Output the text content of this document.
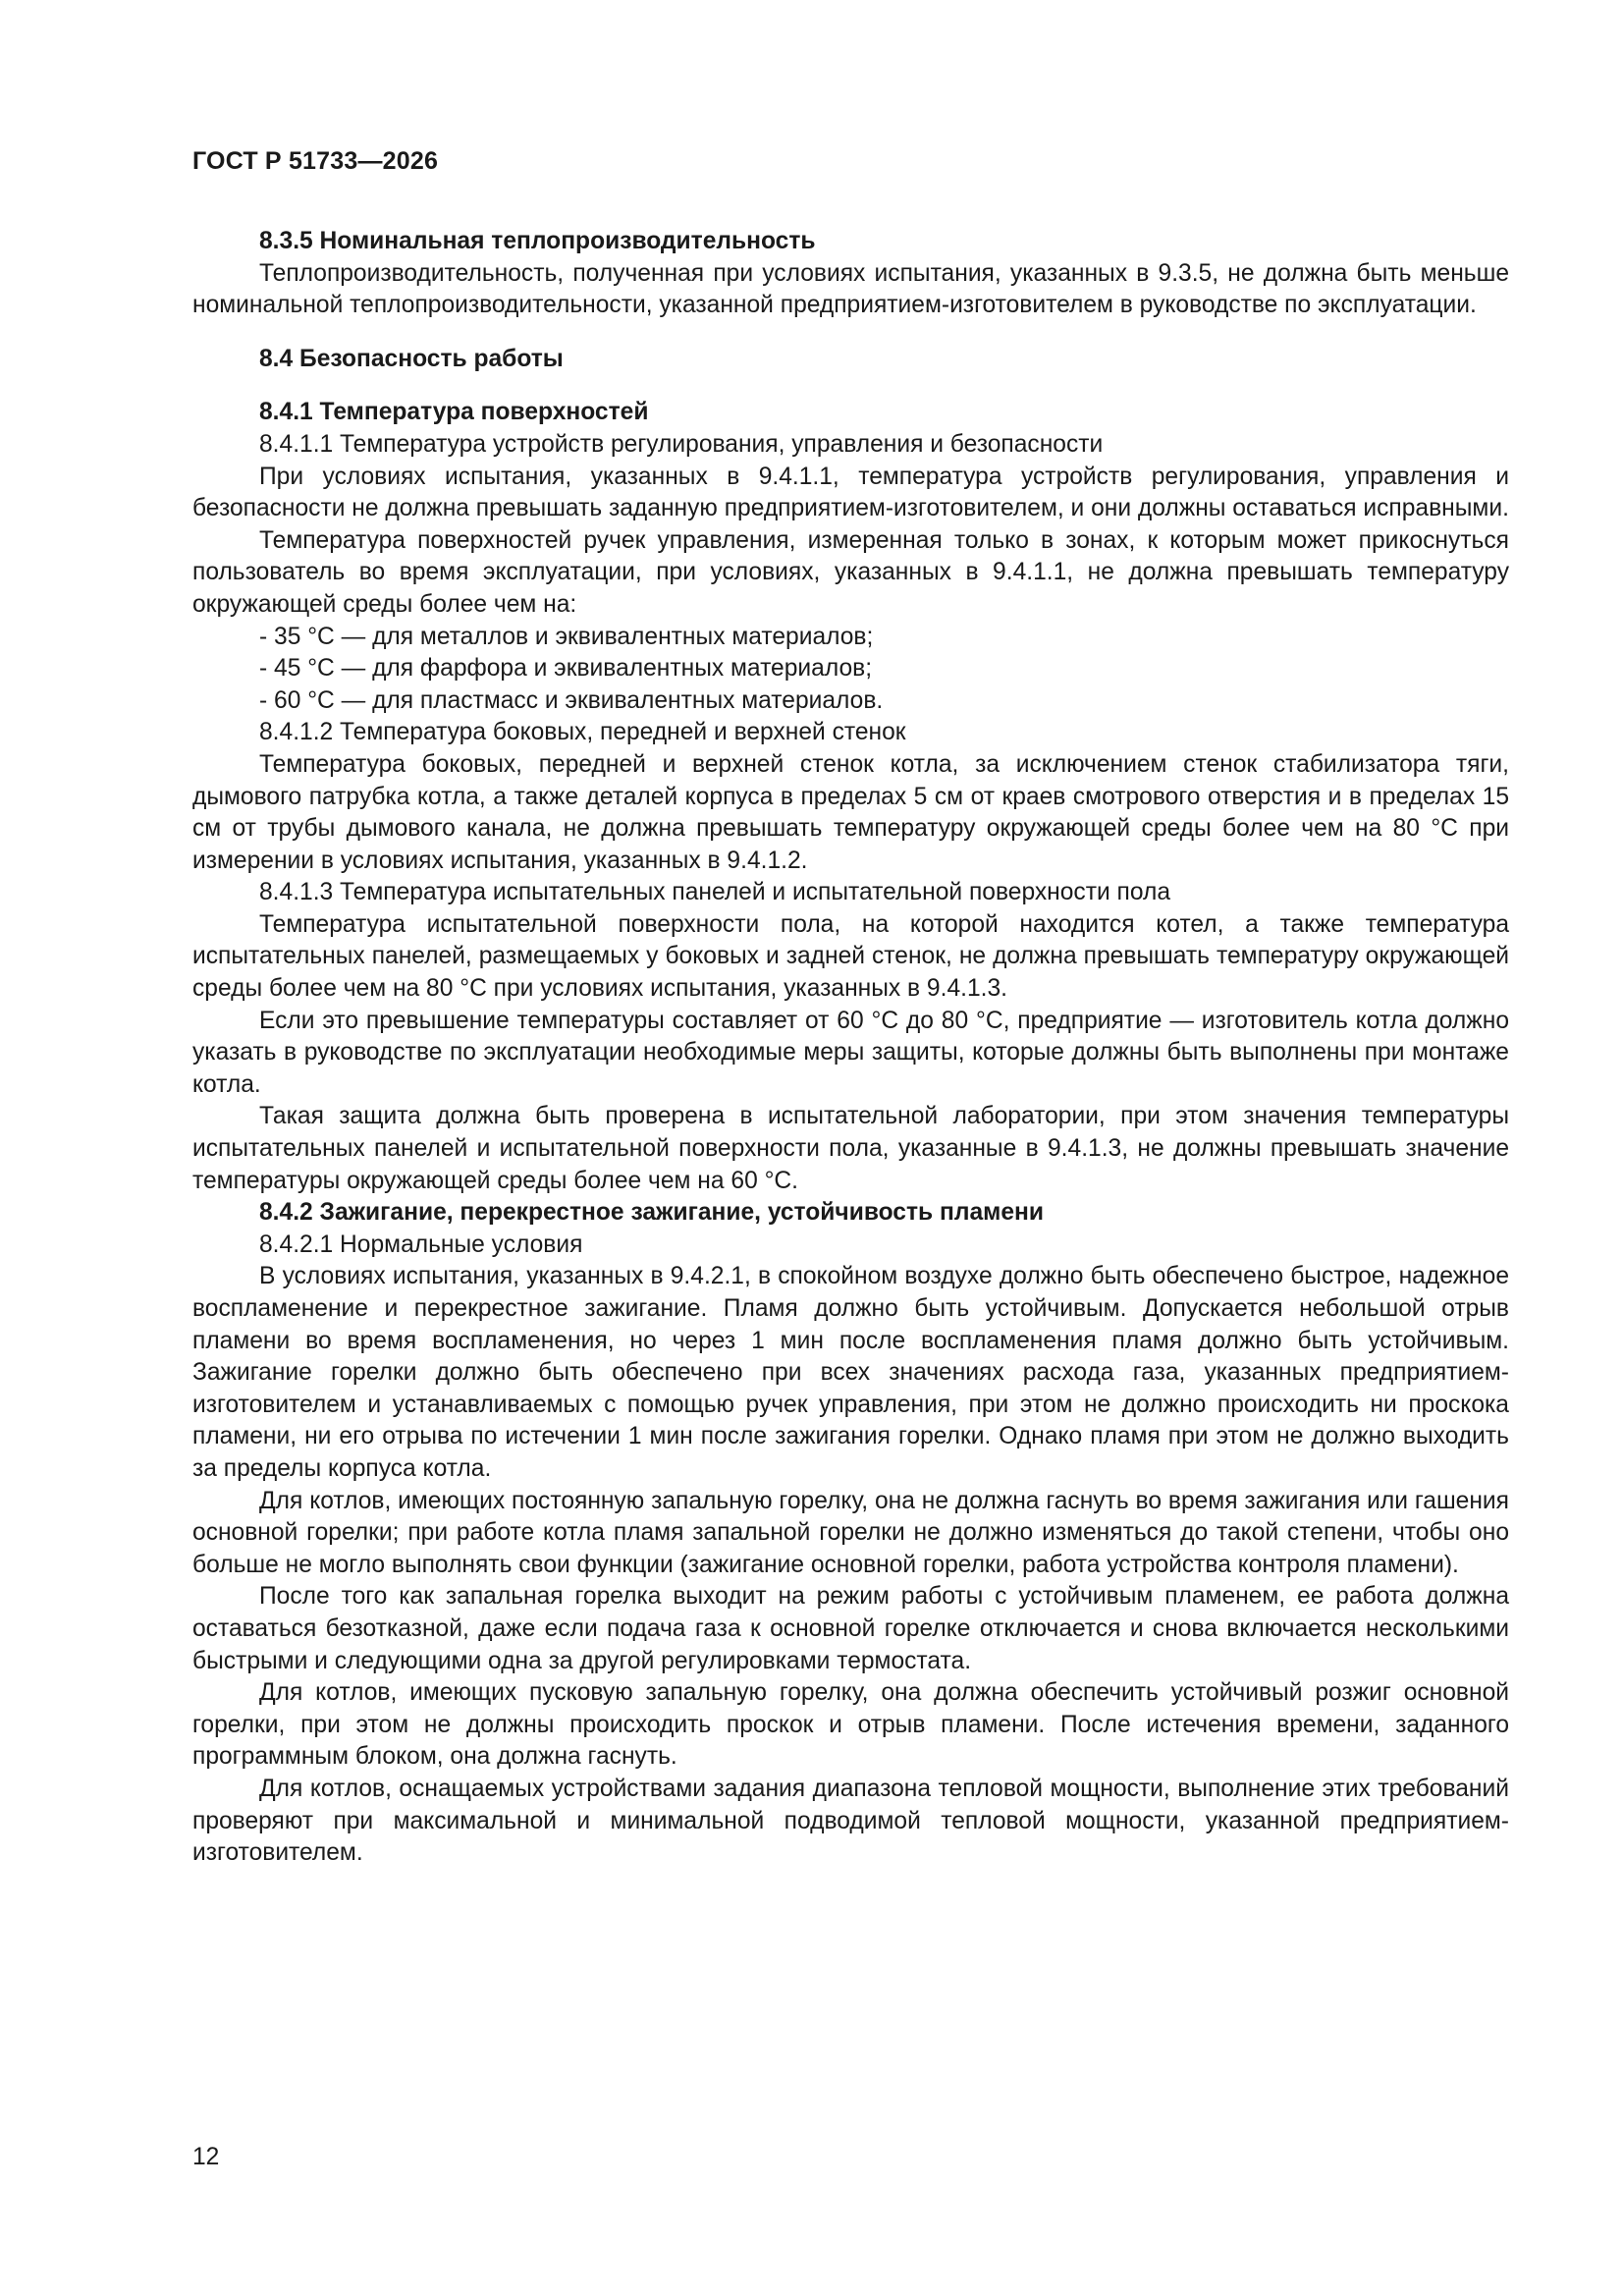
ГОСТ Р 51733—2026

8.3.5 Номинальная теплопроизводительность

Теплопроизводительность, полученная при условиях испытания, указанных в 9.3.5, не должна быть меньше номинальной теплопроизводительности, указанной предприятием-изготовителем в руководстве по эксплуатации.

8.4 Безопасность работы

8.4.1 Температура поверхностей

8.4.1.1 Температура устройств регулирования, управления и безопасности

При условиях испытания, указанных в 9.4.1.1, температура устройств регулирования, управления и безопасности не должна превышать заданную предприятием-изготовителем, и они должны оставаться исправными.

Температура поверхностей ручек управления, измеренная только в зонах, к которым может прикоснуться пользователь во время эксплуатации, при условиях, указанных в 9.4.1.1, не должна превышать температуру окружающей среды более чем на:

- 35 °С — для металлов и эквивалентных материалов;

- 45 °С — для фарфора и эквивалентных материалов;

- 60 °С — для пластмасс и эквивалентных материалов.

8.4.1.2 Температура боковых, передней и верхней стенок

Температура боковых, передней и верхней стенок котла, за исключением стенок стабилизатора тяги, дымового патрубка котла, а также деталей корпуса в пределах 5 см от краев смотрового отверстия и в пределах 15 см от трубы дымового канала, не должна превышать температуру окружающей среды более чем на 80 °С при измерении в условиях испытания, указанных в 9.4.1.2.

8.4.1.3 Температура испытательных панелей и испытательной поверхности пола

Температура испытательной поверхности пола, на которой находится котел, а также температура испытательных панелей, размещаемых у боковых и задней стенок, не должна превышать температуру окружающей среды более чем на 80 °С при условиях испытания, указанных в 9.4.1.3.

Если это превышение температуры составляет от 60 °С до 80 °С, предприятие — изготовитель котла должно указать в руководстве по эксплуатации необходимые меры защиты, которые должны быть выполнены при монтаже котла.

Такая защита должна быть проверена в испытательной лаборатории, при этом значения температуры испытательных панелей и испытательной поверхности пола, указанные в 9.4.1.3, не должны превышать значение температуры окружающей среды более чем на 60 °С.

8.4.2 Зажигание, перекрестное зажигание, устойчивость пламени

8.4.2.1 Нормальные условия

В условиях испытания, указанных в 9.4.2.1, в спокойном воздухе должно быть обеспечено быстрое, надежное воспламенение и перекрестное зажигание. Пламя должно быть устойчивым. Допускается небольшой отрыв пламени во время воспламенения, но через 1 мин после воспламенения пламя должно быть устойчивым. Зажигание горелки должно быть обеспечено при всех значениях расхода газа, указанных предприятием-изготовителем и устанавливаемых с помощью ручек управления, при этом не должно происходить ни проскока пламени, ни его отрыва по истечении 1 мин после зажигания горелки. Однако пламя при этом не должно выходить за пределы корпуса котла.

Для котлов, имеющих постоянную запальную горелку, она не должна гаснуть во время зажигания или гашения основной горелки; при работе котла пламя запальной горелки не должно изменяться до такой степени, чтобы оно больше не могло выполнять свои функции (зажигание основной горелки, работа устройства контроля пламени).

После того как запальная горелка выходит на режим работы с устойчивым пламенем, ее работа должна оставаться безотказной, даже если подача газа к основной горелке отключается и снова включается несколькими быстрыми и следующими одна за другой регулировками термостата.

Для котлов, имеющих пусковую запальную горелку, она должна обеспечить устойчивый розжиг основной горелки, при этом не должны происходить проскок и отрыв пламени. После истечения времени, заданного программным блоком, она должна гаснуть.

Для котлов, оснащаемых устройствами задания диапазона тепловой мощности, выполнение этих требований проверяют при максимальной и минимальной подводимой тепловой мощности, указанной предприятием-изготовителем.

12
